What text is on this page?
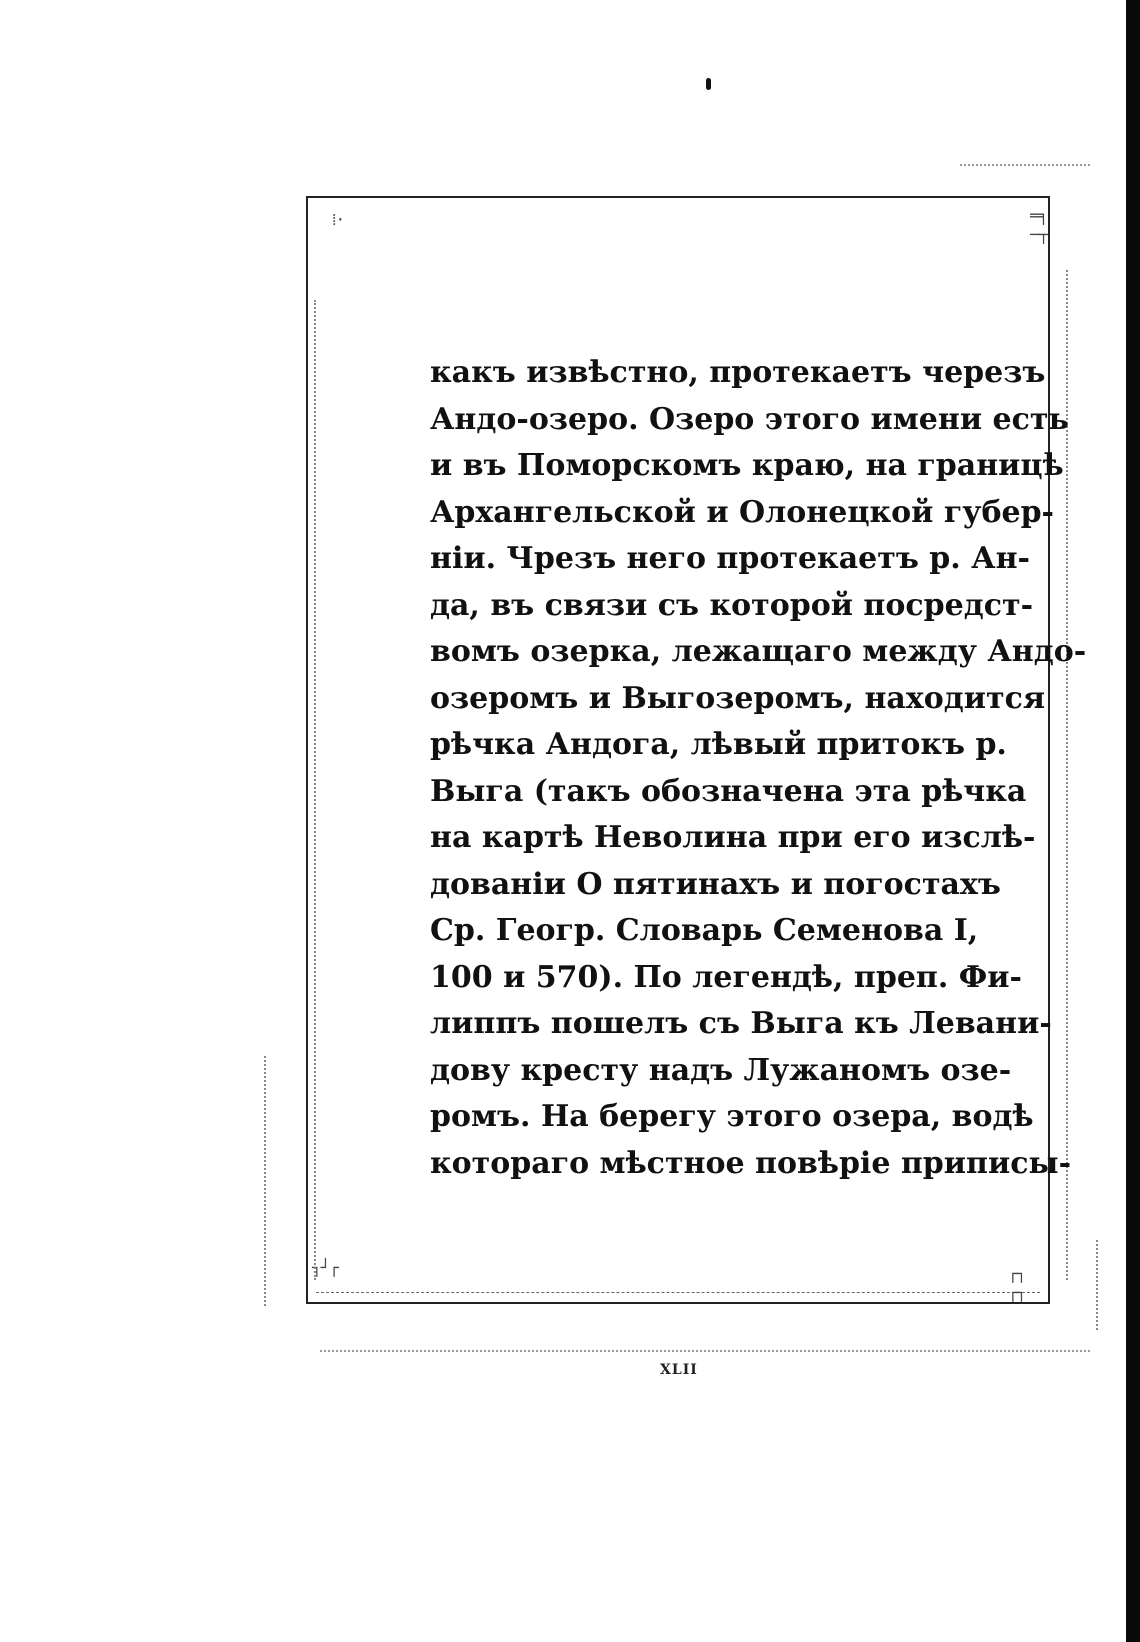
⁞·	═╕
─┬
┐┘┌	┌┐
┌┐
какъ извѣстно, протекаетъ черезъ
Андо-озеро. Озеро этого имени есть
и въ Поморскомъ краю, на границѣ
Архангельской и Олонецкой губер-
ніи. Чрезъ него протекаетъ р. Ан-
да, въ связи съ которой посредст-
вомъ озерка, лежащаго между Андо-
озеромъ и Выгозеромъ, находится
рѣчка Андога, лѣвый притокъ р.
Выга (такъ обозначена эта рѣчка
на картѣ Неволина при его изслѣ-
дованіи О пятинахъ и погостахъ
Ср. Геогр. Словарь Семенова I,
100 и 570). По легендѣ, преп. Фи-
липпъ пошелъ съ Выга къ Левани-
дову кресту надъ Лужаномъ озе-
ромъ. На берегу этого озера, водѣ
котораго мѣстное повѣріе приписы-
XLII
